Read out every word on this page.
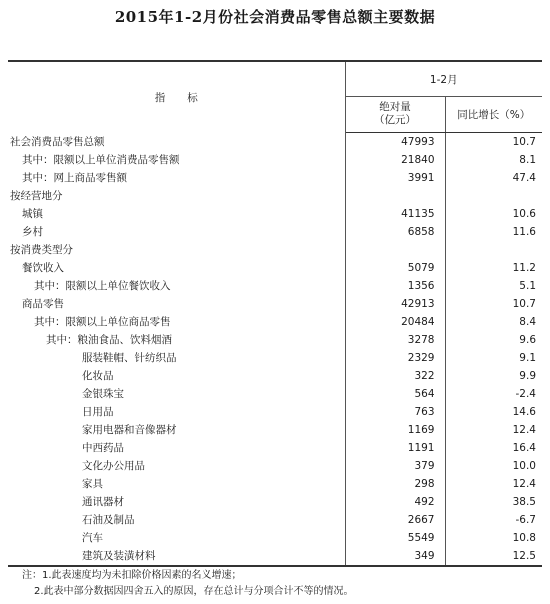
2015年1-2月份社会消费品零售总额主要数据
指标	1-2月	

	绝对量
（亿元）	同比增长（%）
社会消费品零售总额	47993	10.7
其中：限额以上单位消费品零售额	21840	8.1
其中：网上商品零售额	3991	47.4
按经营地分		
城镇	41135	10.6
乡村	6858	11.6
按消费类型分		
餐饮收入	5079	11.2
其中：限额以上单位餐饮收入	1356	5.1
商品零售	42913	10.7
其中：限额以上单位商品零售	20484	8.4
其中：粮油食品、饮料烟酒	3278	9.6
服装鞋帽、针纺织品	2329	9.1
化妆品	322	9.9
金银珠宝	564	-2.4
日用品	763	14.6
家用电器和音像器材	1169	12.4
中西药品	1191	16.4
文化办公用品	379	10.0
家具	298	12.4
通讯器材	492	38.5
石油及制品	2667	-6.7
汽车	5549	10.8
建筑及装潢材料	349	12.5
注：1.此表速度均为未扣除价格因素的名义增速；
2.此表中部分数据因四舍五入的原因，存在总计与分项合计不等的情况。
